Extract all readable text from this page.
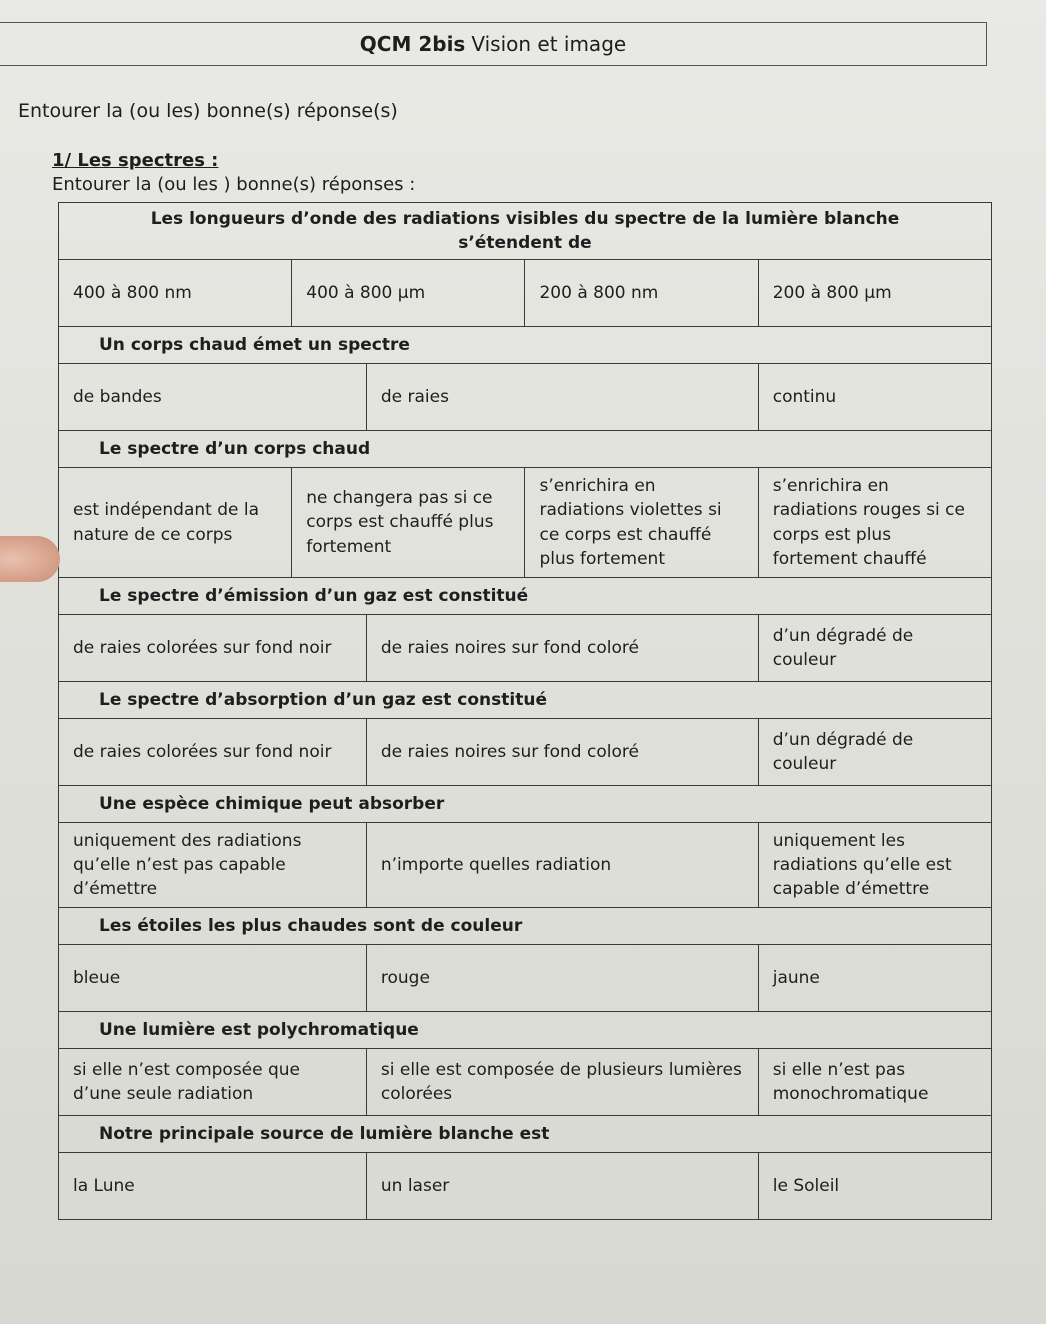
QCM 2bis Vision et image
Entourer la (ou les) bonne(s) réponse(s)
1/ Les spectres :
Entourer la (ou les ) bonne(s) réponses :
Les longueurs d’onde des radiations visibles du spectre de la lumière blanche s’étendent de				
400 à 800 nm	400 à 800 µm		200 à 800 nm	200 à 800 µm
Un corps chaud émet un spectre				
de bandes		de raies		continu
Le spectre d’un corps chaud				
est indépendant de la nature de ce corps	ne changera pas si ce corps est chauffé plus fortement		s’enrichira en radiations violettes si ce corps est chauffé plus fortement	s’enrichira en radiations rouges si ce corps est plus fortement chauffé
Le spectre d’émission d’un gaz est constitué				
de raies colorées sur fond noir		de raies noires sur fond coloré		d’un dégradé de couleur
Le spectre d’absorption d’un gaz est constitué				
de raies colorées sur fond noir		de raies noires sur fond coloré		d’un dégradé de couleur
Une espèce chimique peut absorber				
uniquement des radiations qu’elle n’est pas capable d’émettre		n’importe quelles radiation		uniquement les radiations qu’elle est capable d’émettre
Les étoiles les plus chaudes sont de couleur				
bleue		rouge		jaune
Une lumière est polychromatique				
si elle n’est composée que d’une seule radiation		si elle est composée de plusieurs lumières colorées		si elle n’est pas monochromatique
Notre principale source de lumière blanche est				
la Lune		un laser		le Soleil
